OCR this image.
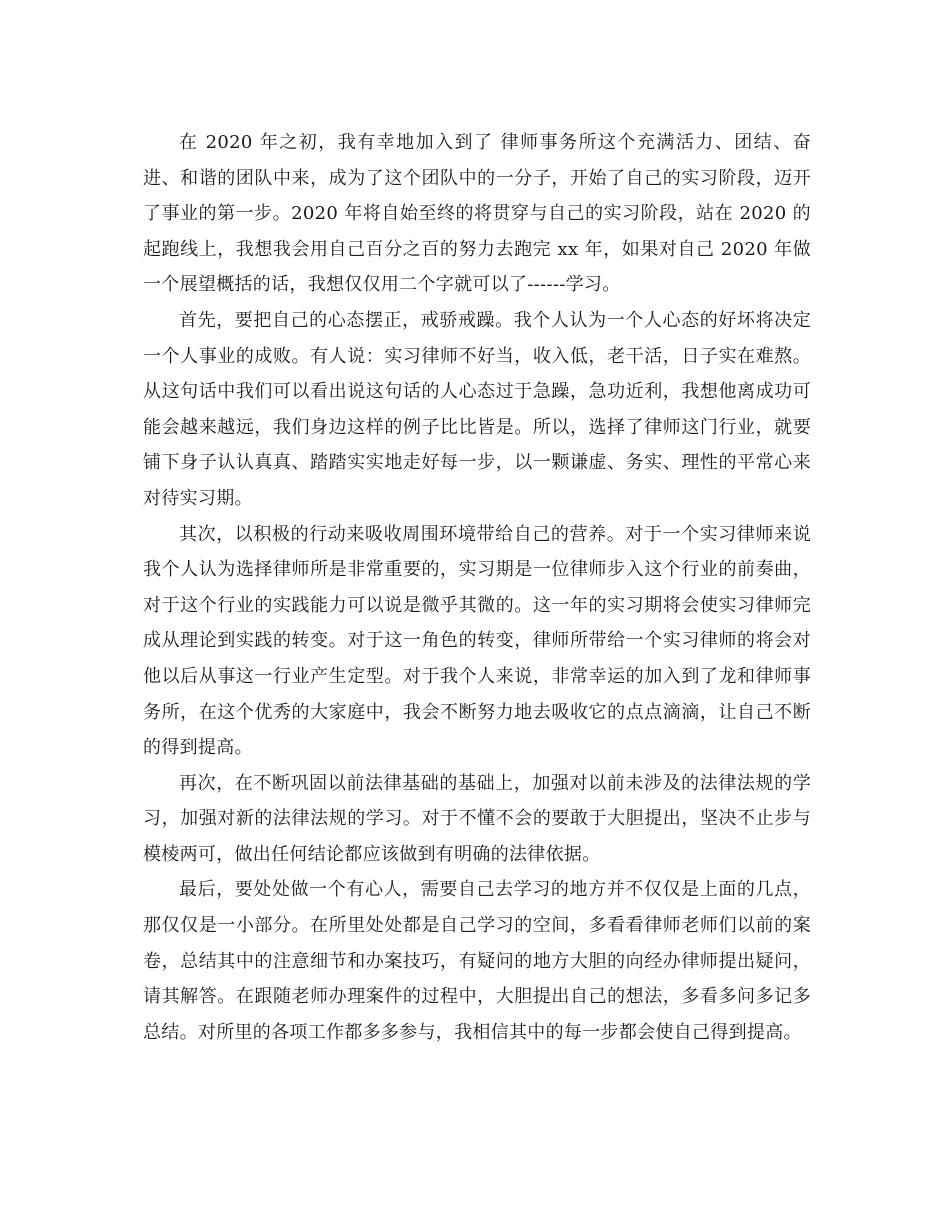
在 2020 年之初，我有幸地加入到了 律师事务所这个充满活力、团结、奋进、和谐的团队中来，成为了这个团队中的一分子，开始了自己的实习阶段，迈开了事业的第一步。2020 年将自始至终的将贯穿与自己的实习阶段，站在 2020 的起跑线上，我想我会用自己百分之百的努力去跑完 xx 年，如果对自己 2020 年做一个展望概括的话，我想仅仅用二个字就可以了------学习。

首先，要把自己的心态摆正，戒骄戒躁。我个人认为一个人心态的好坏将决定一个人事业的成败。有人说：实习律师不好当，收入低，老干活，日子实在难熬。从这句话中我们可以看出说这句话的人心态过于急躁，急功近利，我想他离成功可能会越来越远，我们身边这样的例子比比皆是。所以，选择了律师这门行业，就要铺下身子认认真真、踏踏实实地走好每一步，以一颗谦虚、务实、理性的平常心来对待实习期。

其次，以积极的行动来吸收周围环境带给自己的营养。对于一个实习律师来说我个人认为选择律师所是非常重要的，实习期是一位律师步入这个行业的前奏曲，对于这个行业的实践能力可以说是微乎其微的。这一年的实习期将会使实习律师完成从理论到实践的转变。对于这一角色的转变，律师所带给一个实习律师的将会对他以后从事这一行业产生定型。对于我个人来说，非常幸运的加入到了龙和律师事务所，在这个优秀的大家庭中，我会不断努力地去吸收它的点点滴滴，让自己不断的得到提高。

再次，在不断巩固以前法律基础的基础上，加强对以前未涉及的法律法规的学习，加强对新的法律法规的学习。对于不懂不会的要敢于大胆提出，坚决不止步与模棱两可，做出任何结论都应该做到有明确的法律依据。

最后，要处处做一个有心人，需要自己去学习的地方并不仅仅是上面的几点，那仅仅是一小部分。在所里处处都是自己学习的空间，多看看律师老师们以前的案卷，总结其中的注意细节和办案技巧，有疑问的地方大胆的向经办律师提出疑问，请其解答。在跟随老师办理案件的过程中，大胆提出自己的想法，多看多问多记多总结。对所里的各项工作都多多参与，我相信其中的每一步都会使自己得到提高。
